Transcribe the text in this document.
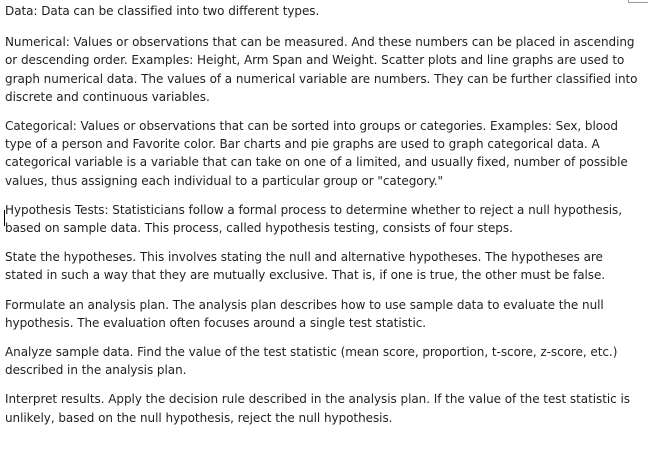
Data: Data can be classified into two different types.

Numerical: Values or observations that can be measured. And these numbers can be placed in ascending or descending order. Examples: Height, Arm Span and Weight. Scatter plots and line graphs are used to graph numerical data. The values of a numerical variable are numbers. They can be further classified into discrete and continuous variables.

Categorical: Values or observations that can be sorted into groups or categories. Examples: Sex, blood type of a person and Favorite color. Bar charts and pie graphs are used to graph categorical data. A categorical variable is a variable that can take on one of a limited, and usually fixed, number of possible values, thus assigning each individual to a particular group or "category."

Hypothesis Tests: Statisticians follow a formal process to determine whether to reject a null hypothesis, based on sample data. This process, called hypothesis testing, consists of four steps.

State the hypotheses. This involves stating the null and alternative hypotheses. The hypotheses are stated in such a way that they are mutually exclusive. That is, if one is true, the other must be false.

Formulate an analysis plan. The analysis plan describes how to use sample data to evaluate the null hypothesis. The evaluation often focuses around a single test statistic.

Analyze sample data. Find the value of the test statistic (mean score, proportion, t-score, z-score, etc.) described in the analysis plan.

Interpret results. Apply the decision rule described in the analysis plan. If the value of the test statistic is unlikely, based on the null hypothesis, reject the null hypothesis.
